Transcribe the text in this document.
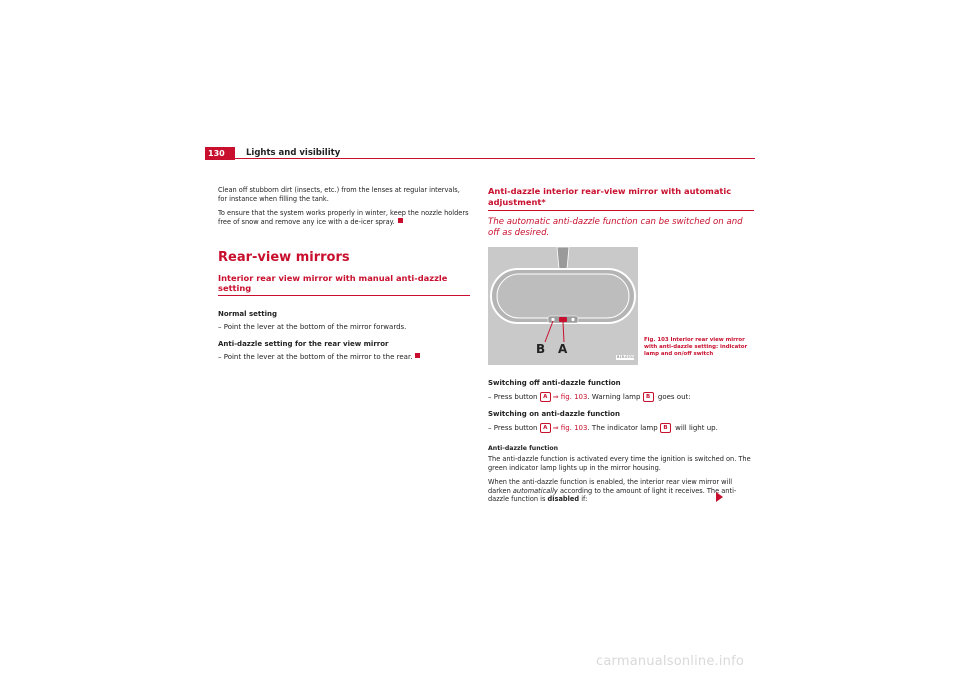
130	Lights and visibility

Clean off stubborn dirt (insects, etc.) from the lenses at regular intervals, for instance when filling the tank.

To ensure that the system works properly in winter, keep the nozzle holders free of snow and remove any ice with a de-icer spray.

Rear-view mirrors
Interior rear view mirror with manual anti-dazzle setting
Normal setting
– Point the lever at the bottom of the mirror forwards.
Anti-dazzle setting for the rear view mirror
– Point the lever at the bottom of the mirror to the rear.
Anti-dazzle interior rear-view mirror with automatic adjustment*
The automatic anti-dazzle function can be switched on and off as desired.
B A
B1R-0331
Fig. 103 Interior rear view mirror with anti-dazzle setting: indicator lamp and on/off switch
Switching off anti-dazzle function
– Press button A ⇒ fig. 103. Warning lamp B goes out:
Switching on anti-dazzle function
– Press button A ⇒ fig. 103. The indicator lamp B will light up.
Anti-dazzle function

The anti-dazzle function is activated every time the ignition is switched on. The green indicator lamp lights up in the mirror housing.

When the anti-dazzle function is enabled, the interior rear view mirror will darken automatically according to the amount of light it receives. The anti-dazzle function is disabled if:

carmanualsonline.info
